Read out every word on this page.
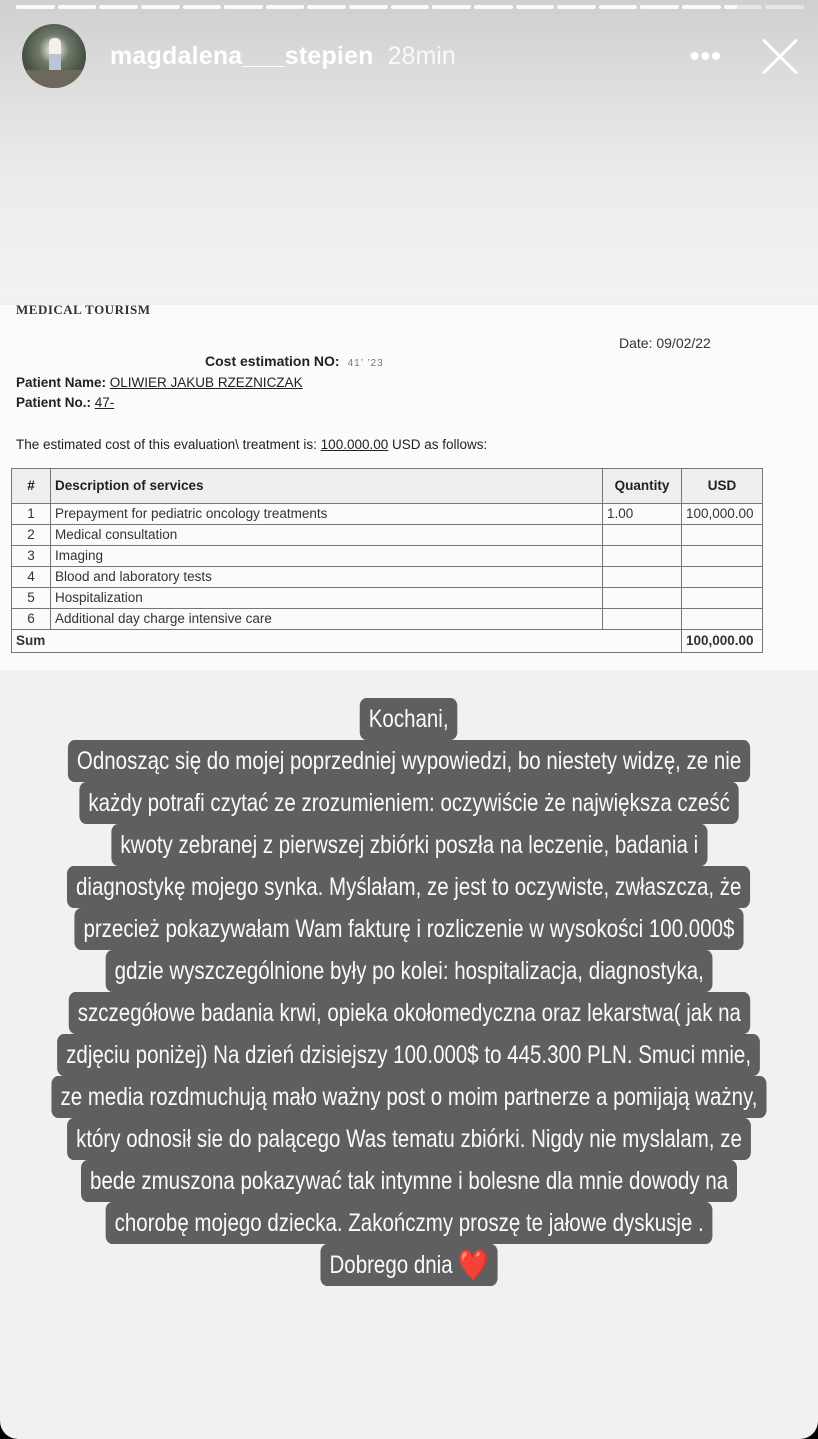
magdalena___stepien 28min	•••
MEDICAL TOURISM
Date: 09/02/22
Cost estimation NO: 41’ ’23
Patient Name: OLIWIER JAKUB RZEZNICZAK
Patient No.: 47-
The estimated cost of this evaluation\ treatment is: 100.000.00 USD as follows:
#	Description of services	Quantity	USD
1	Prepayment for pediatric oncology treatments	1.00	100,000.00
2	Medical consultation		
3	Imaging		
4	Blood and laboratory tests		
5	Hospitalization		
6	Additional day charge intensive care		
Sum			100,000.00
Kochani,
Odnosząc się do mojej poprzedniej wypowiedzi, bo niestety widzę, ze nie
każdy potrafi czytać ze zrozumieniem: oczywiście że największa cześć
kwoty zebranej z pierwszej zbiórki poszła na leczenie, badania i
diagnostykę mojego synka. Myślałam, ze jest to oczywiste, zwłaszcza, że
przecież pokazywałam Wam fakturę i rozliczenie w wysokości 100.000$
gdzie wyszczególnione były po kolei: hospitalizacja, diagnostyka,
szczegółowe badania krwi, opieka okołomedyczna oraz lekarstwa( jak na
zdjęciu poniżej) Na dzień dzisiejszy 100.000$ to 445.300 PLN. Smuci mnie,
ze media rozdmuchują mało ważny post o moim partnerze a pomijają ważny,
który odnosił sie do palącego Was tematu zbiórki. Nigdy nie myslalam, ze
bede zmuszona pokazywać tak intymne i bolesne dla mnie dowody na
chorobę mojego dziecka. Zakończmy proszę te jałowe dyskusje .
Dobrego dnia ❤️
